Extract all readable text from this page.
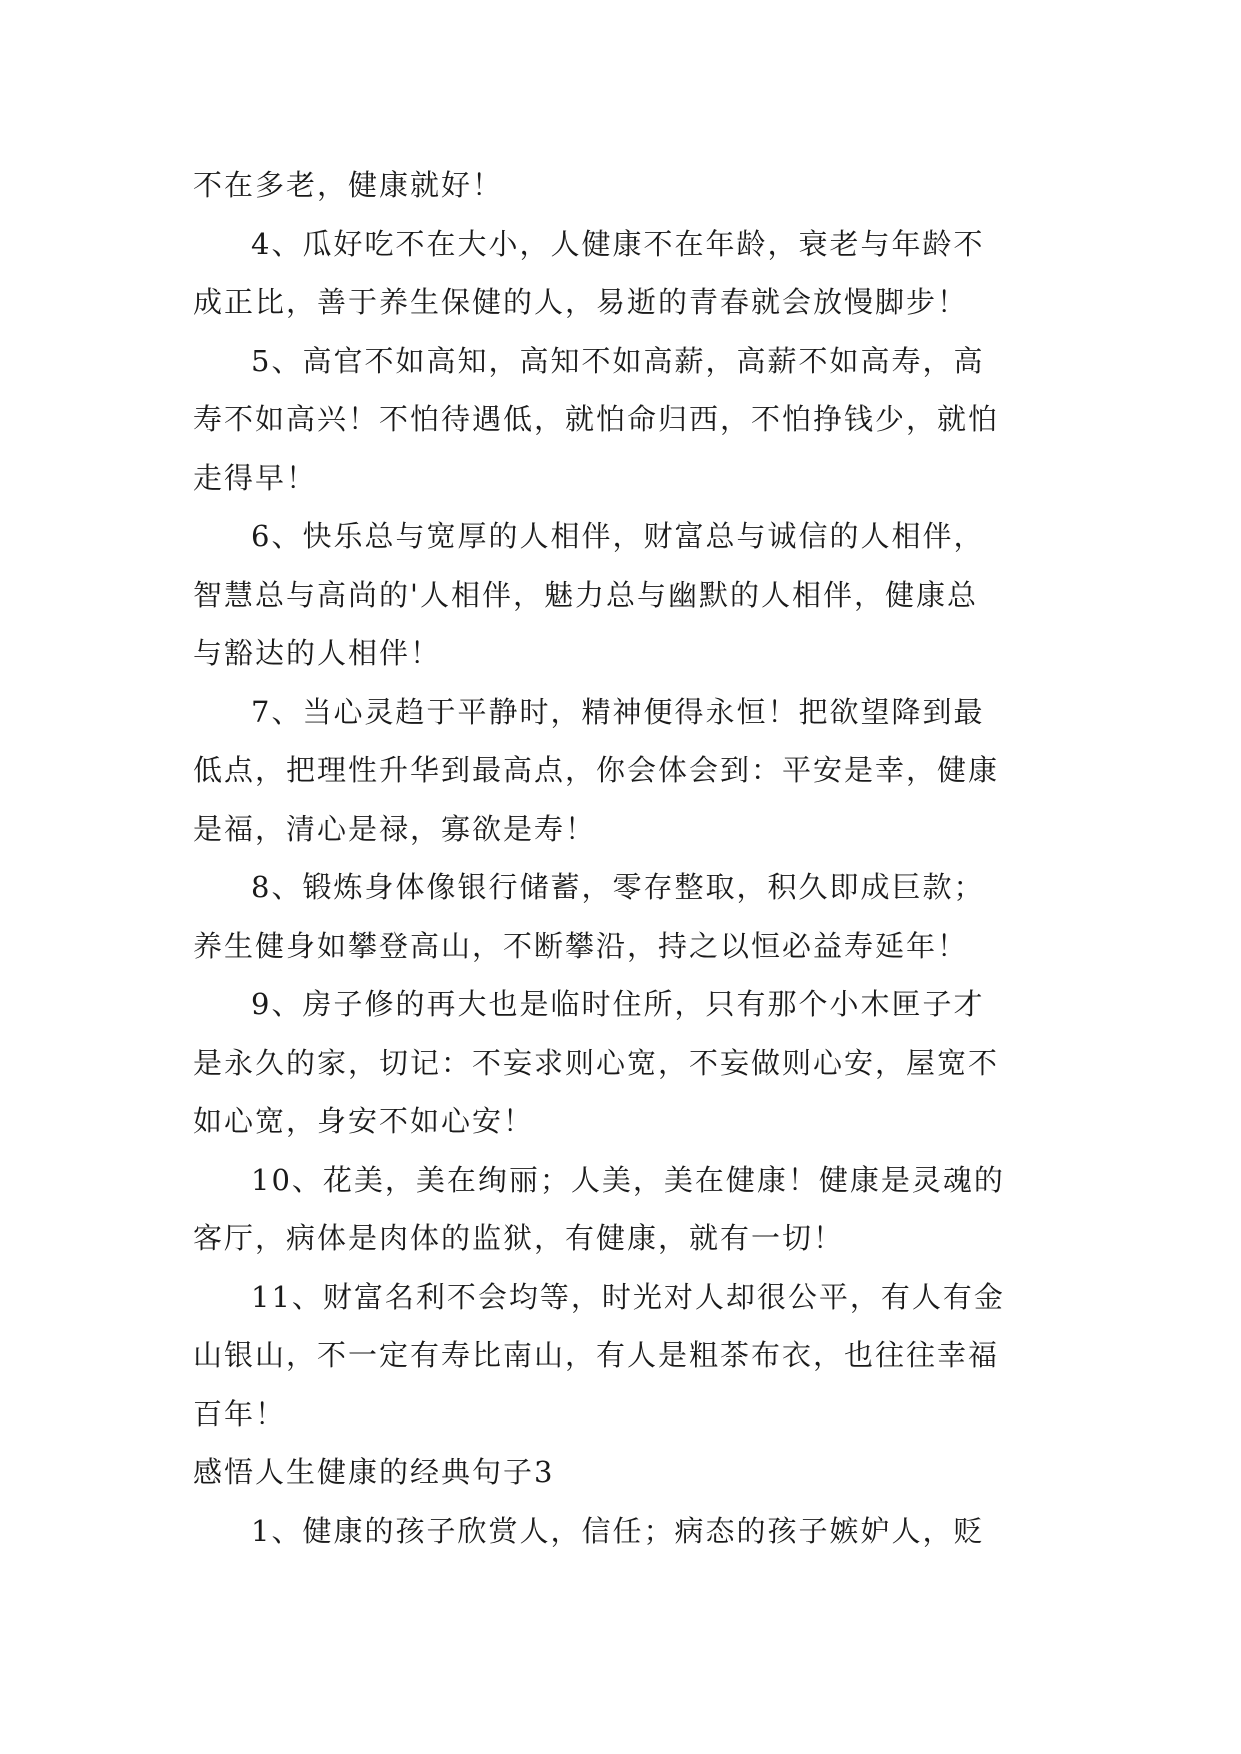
不在多老，健康就好！
4、瓜好吃不在大小，人健康不在年龄，衰老与年龄不
成正比，善于养生保健的人，易逝的青春就会放慢脚步！
5、高官不如高知，高知不如高薪，高薪不如高寿，高
寿不如高兴！不怕待遇低，就怕命归西，不怕挣钱少，就怕
走得早！
6、快乐总与宽厚的人相伴，财富总与诚信的人相伴，
智慧总与高尚的'人相伴，魅力总与幽默的人相伴，健康总
与豁达的人相伴！
7、当心灵趋于平静时，精神便得永恒！把欲望降到最
低点，把理性升华到最高点，你会体会到：平安是幸，健康
是福，清心是禄，寡欲是寿！
8、锻炼身体像银行储蓄，零存整取，积久即成巨款；
养生健身如攀登高山，不断攀沿，持之以恒必益寿延年！
9、房子修的再大也是临时住所，只有那个小木匣子才
是永久的家，切记：不妄求则心宽，不妄做则心安，屋宽不
如心宽，身安不如心安！
10、花美，美在绚丽；人美，美在健康！健康是灵魂的
客厅，病体是肉体的监狱，有健康，就有一切！
11、财富名利不会均等，时光对人却很公平，有人有金
山银山，不一定有寿比南山，有人是粗茶布衣，也往往幸福
百年！
感悟人生健康的经典句子3
1、健康的孩子欣赏人，信任；病态的孩子嫉妒人，贬
